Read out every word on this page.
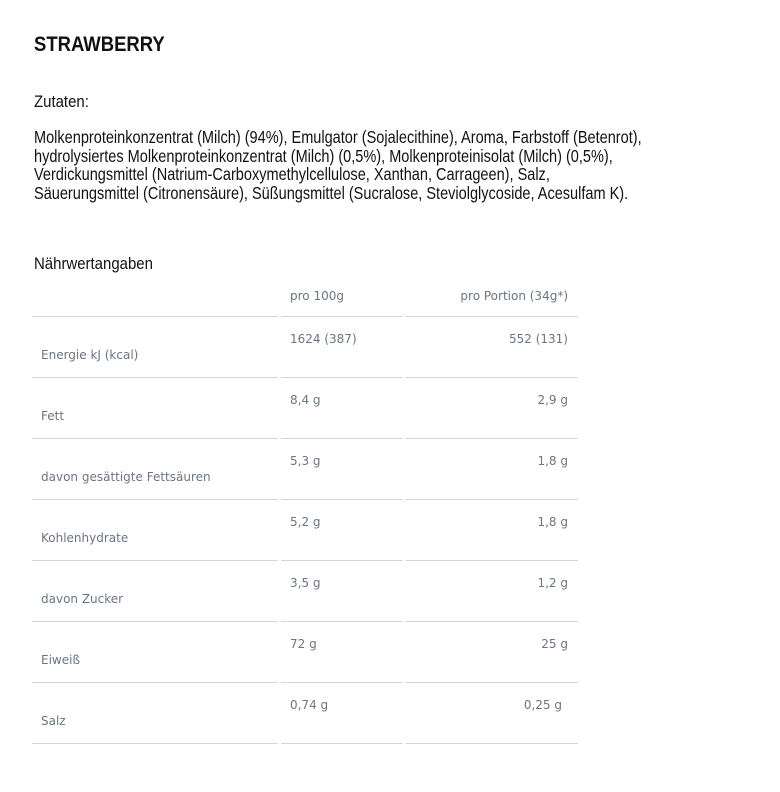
STRAWBERRY
Zutaten:
Molkenproteinkonzentrat (Milch) (94%), Emulgator (Sojalecithine), Aroma, Farbstoff (Betenrot),
hydrolysiertes Molkenproteinkonzentrat (Milch) (0,5%), Molkenproteinisolat (Milch) (0,5%),
Verdickungsmittel (Natrium-Carboxymethylcellulose, Xanthan, Carrageen), Salz,
Säuerungsmittel (Citronensäure), Süßungsmittel (Sucralose, Steviolglycoside, Acesulfam K).
Nährwertangaben
	pro 100g	pro Portion (34g*)
Energie kJ (kcal)	1624 (387)	552 (131)
Fett	8,4 g	2,9 g
davon gesättigte Fettsäuren	5,3 g	1,8 g
Kohlenhydrate	5,2 g	1,8 g
davon Zucker	3,5 g	1,2 g
Eiweiß	72 g	25 g
Salz	0,74 g	0,25 g
